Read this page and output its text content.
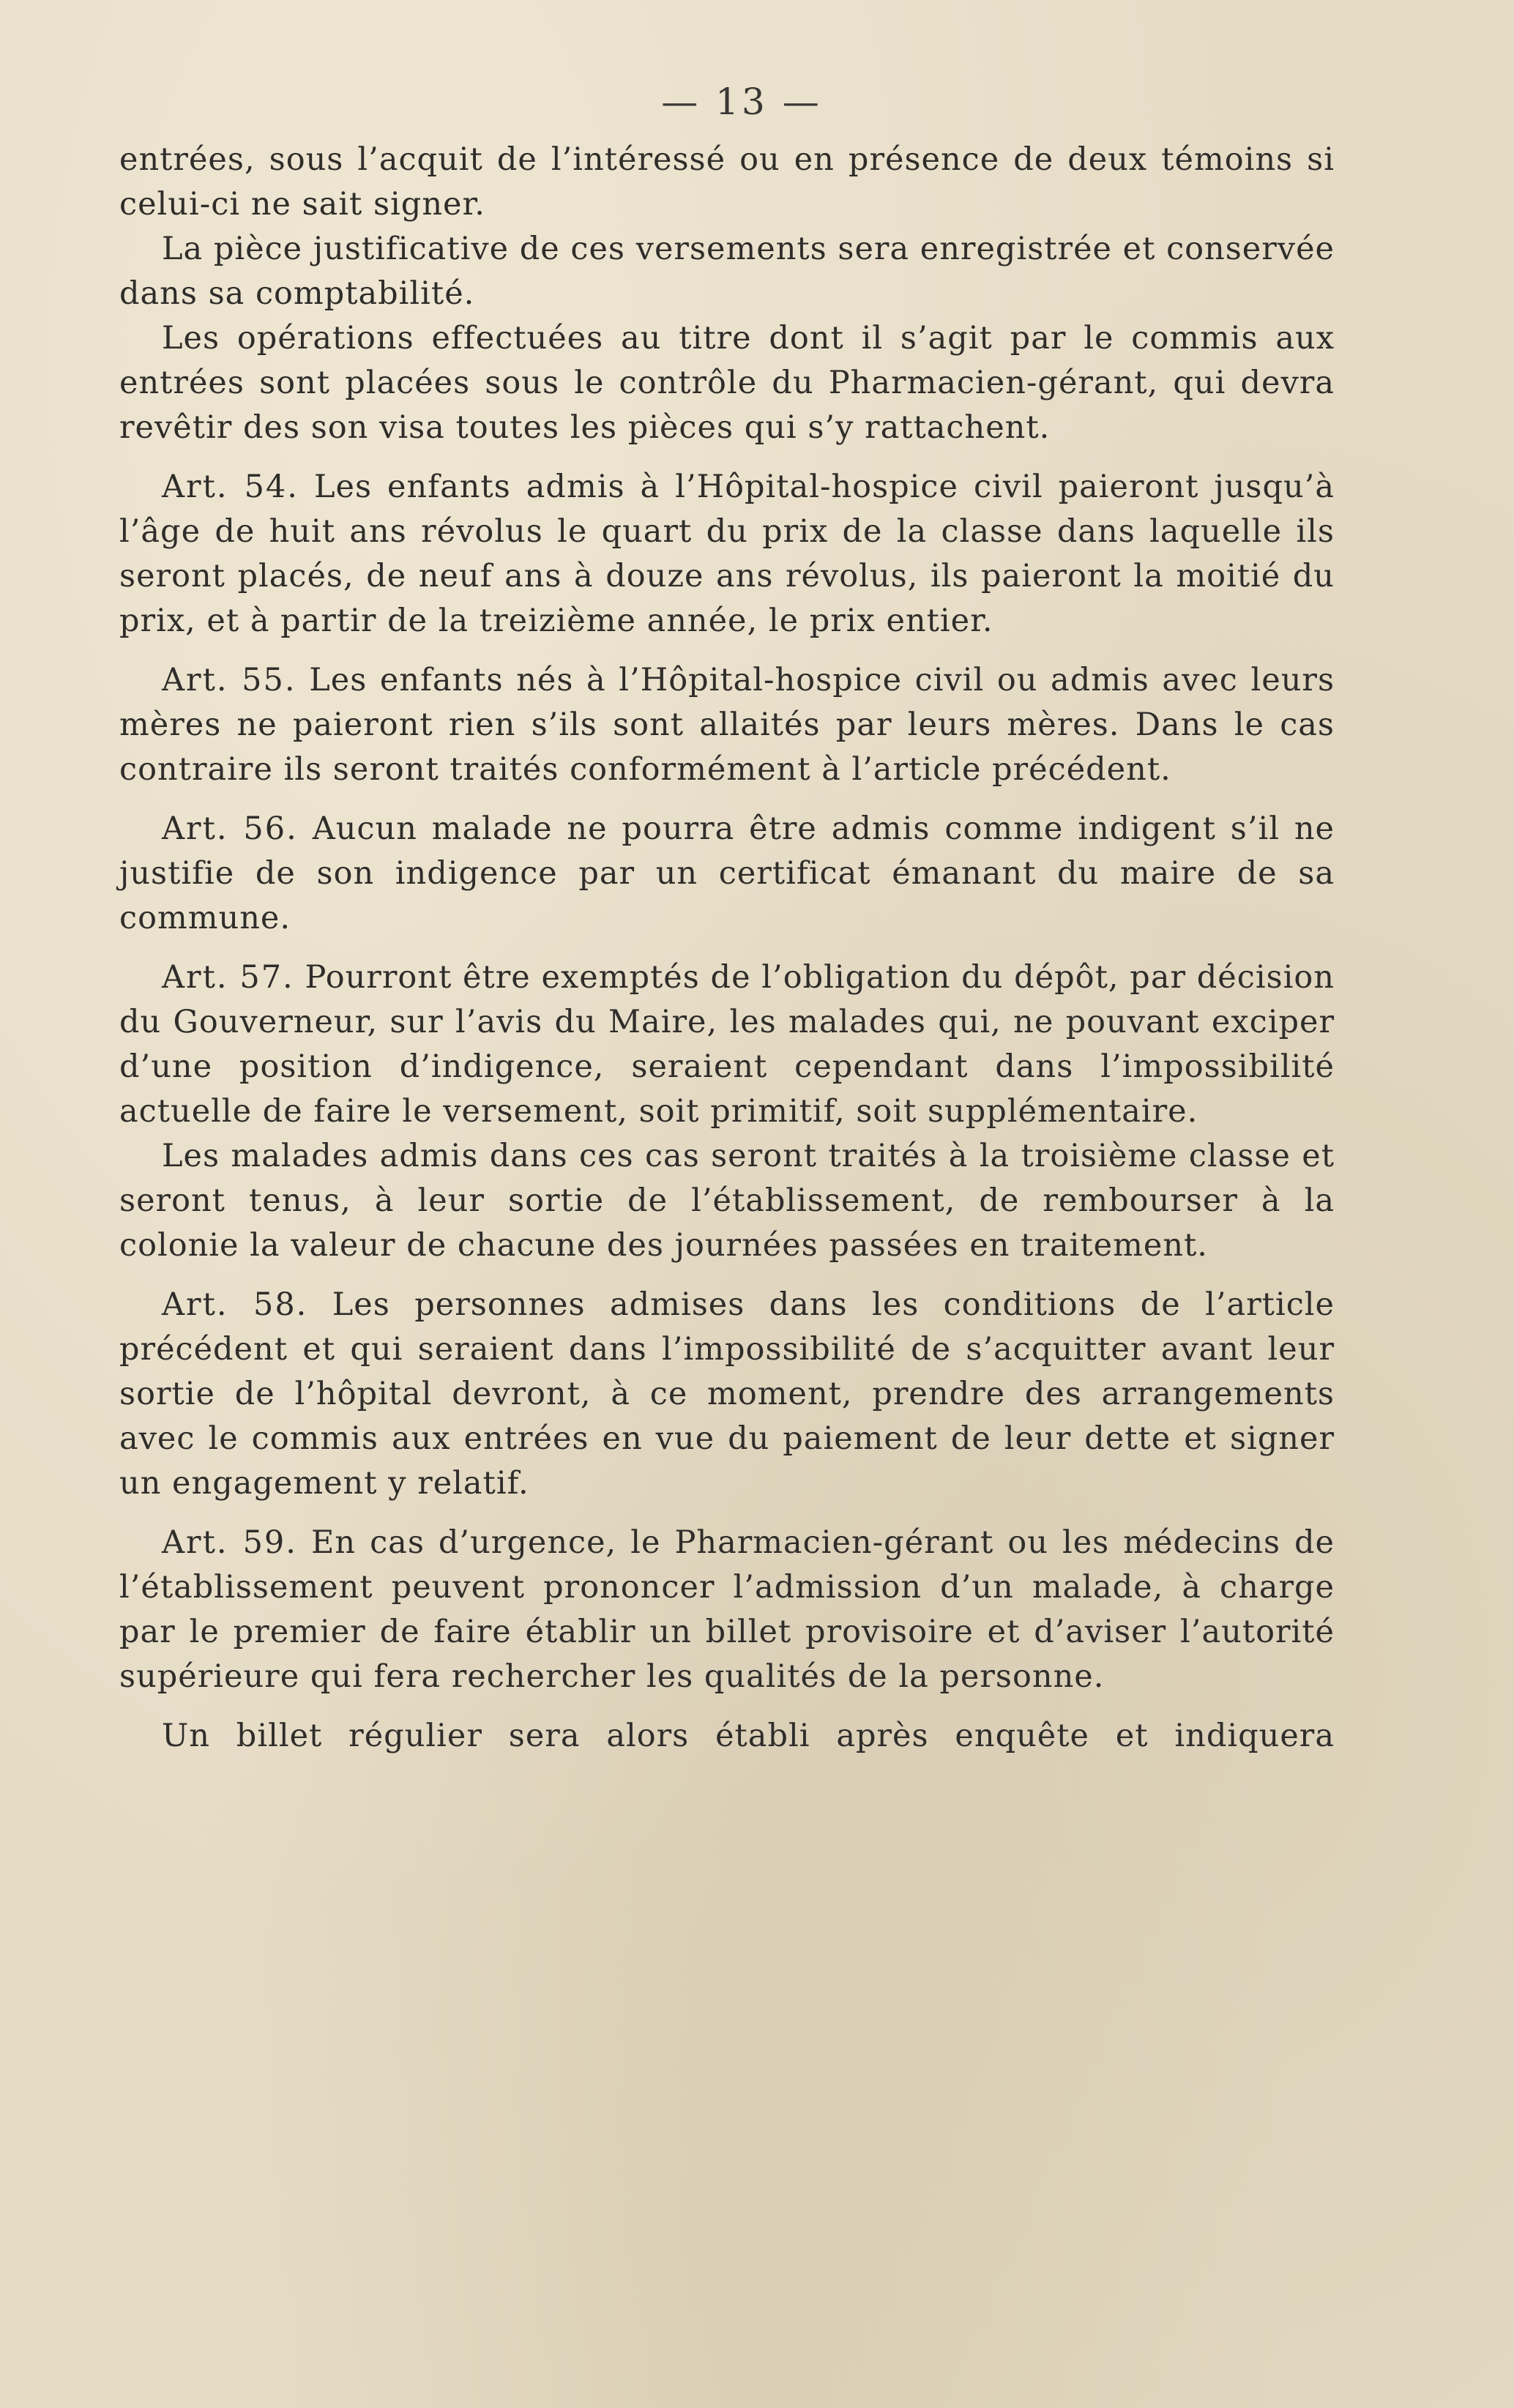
— 13 —

entrées, sous l’acquit de l’intéressé ou en présence de deux témoins si celui-ci ne sait signer.

La pièce justificative de ces versements sera enregistrée et conservée dans sa comptabilité.

Les opérations effectuées au titre dont il s’agit par le commis aux entrées sont placées sous le contrôle du Pharmacien-gérant, qui devra revêtir des son visa toutes les pièces qui s’y rattachent.

Art. 54. Les enfants admis à l’Hôpital-hospice civil paieront jusqu’à l’âge de huit ans révolus le quart du prix de la classe dans laquelle ils seront placés, de neuf ans à douze ans révolus, ils paieront la moitié du prix, et à partir de la treizième année, le prix entier.

Art. 55. Les enfants nés à l’Hôpital-hospice civil ou admis avec leurs mères ne paieront rien s’ils sont allaités par leurs mères. Dans le cas contraire ils seront traités conformément à l’article précédent.

Art. 56. Aucun malade ne pourra être admis comme indigent s’il ne justifie de son indigence par un certificat émanant du maire de sa commune.

Art. 57. Pourront être exemptés de l’obligation du dépôt, par décision du Gouverneur, sur l’avis du Maire, les malades qui, ne pouvant exciper d’une position d’indigence, seraient cependant dans l’impossibilité actuelle de faire le versement, soit primitif, soit supplémentaire.

Les malades admis dans ces cas seront traités à la troisième classe et seront tenus, à leur sortie de l’établissement, de rembourser à la colonie la valeur de chacune des journées passées en traitement.

Art. 58. Les personnes admises dans les conditions de l’article précédent et qui seraient dans l’impossibilité de s’acquitter avant leur sortie de l’hôpital devront, à ce moment, prendre des arrangements avec le commis aux entrées en vue du paiement de leur dette et signer un engagement y relatif.

Art. 59. En cas d’urgence, le Pharmacien-gérant ou les médecins de l’établissement peuvent prononcer l’admission d’un malade, à charge par le premier de faire établir un billet provisoire et d’aviser l’autorité supérieure qui fera rechercher les qualités de la personne.

Un billet régulier sera alors établi après enquête et indiquera
